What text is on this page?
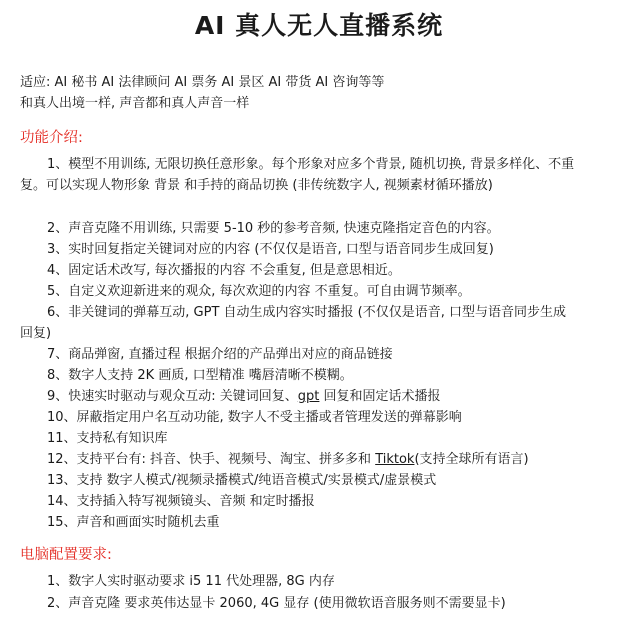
AI 真人无人直播系统
适应: AI 秘书 AI 法律顾问 AI 票务 AI 景区 AI 带货 AI 咨询等等
和真人出境一样, 声音都和真人声音一样
功能介绍:
1、模型不用训练, 无限切换任意形象。每个形象对应多个背景, 随机切换, 背景多样化、不重复。可以实现人物形象 背景 和手持的商品切换 (非传统数字人, 视频素材循环播放)
2、声音克隆不用训练, 只需要 5-10 秒的参考音频, 快速克隆指定音色的内容。
3、实时回复指定关键词对应的内容 (不仅仅是语音, 口型与语音同步生成回复)
4、固定话术改写, 每次播报的内容 不会重复, 但是意思相近。
5、自定义欢迎新进来的观众, 每次欢迎的内容 不重复。可自由调节频率。
6、非关键词的弹幕互动, GPT 自动生成内容实时播报 (不仅仅是语音, 口型与语音同步生成回复)
7、商品弹窗, 直播过程 根据介绍的产品弹出对应的商品链接
8、数字人支持 2K 画质, 口型精准 嘴唇清晰不模糊。
9、快速实时驱动与观众互动: 关键词回复、gpt 回复和固定话术播报
10、屏蔽指定用户名互动功能, 数字人不受主播或者管理发送的弹幕影响
11、支持私有知识库
12、支持平台有: 抖音、快手、视频号、淘宝、拼多多和 Tiktok(支持全球所有语言)
13、支持 数字人模式/视频录播模式/纯语音模式/实景模式/虚景模式
14、支持插入特写视频镜头、音频 和定时播报
15、声音和画面实时随机去重
电脑配置要求:
1、数字人实时驱动要求 i5 11 代处理器, 8G 内存
2、声音克隆 要求英伟达显卡 2060, 4G 显存 (使用微软语音服务则不需要显卡)
